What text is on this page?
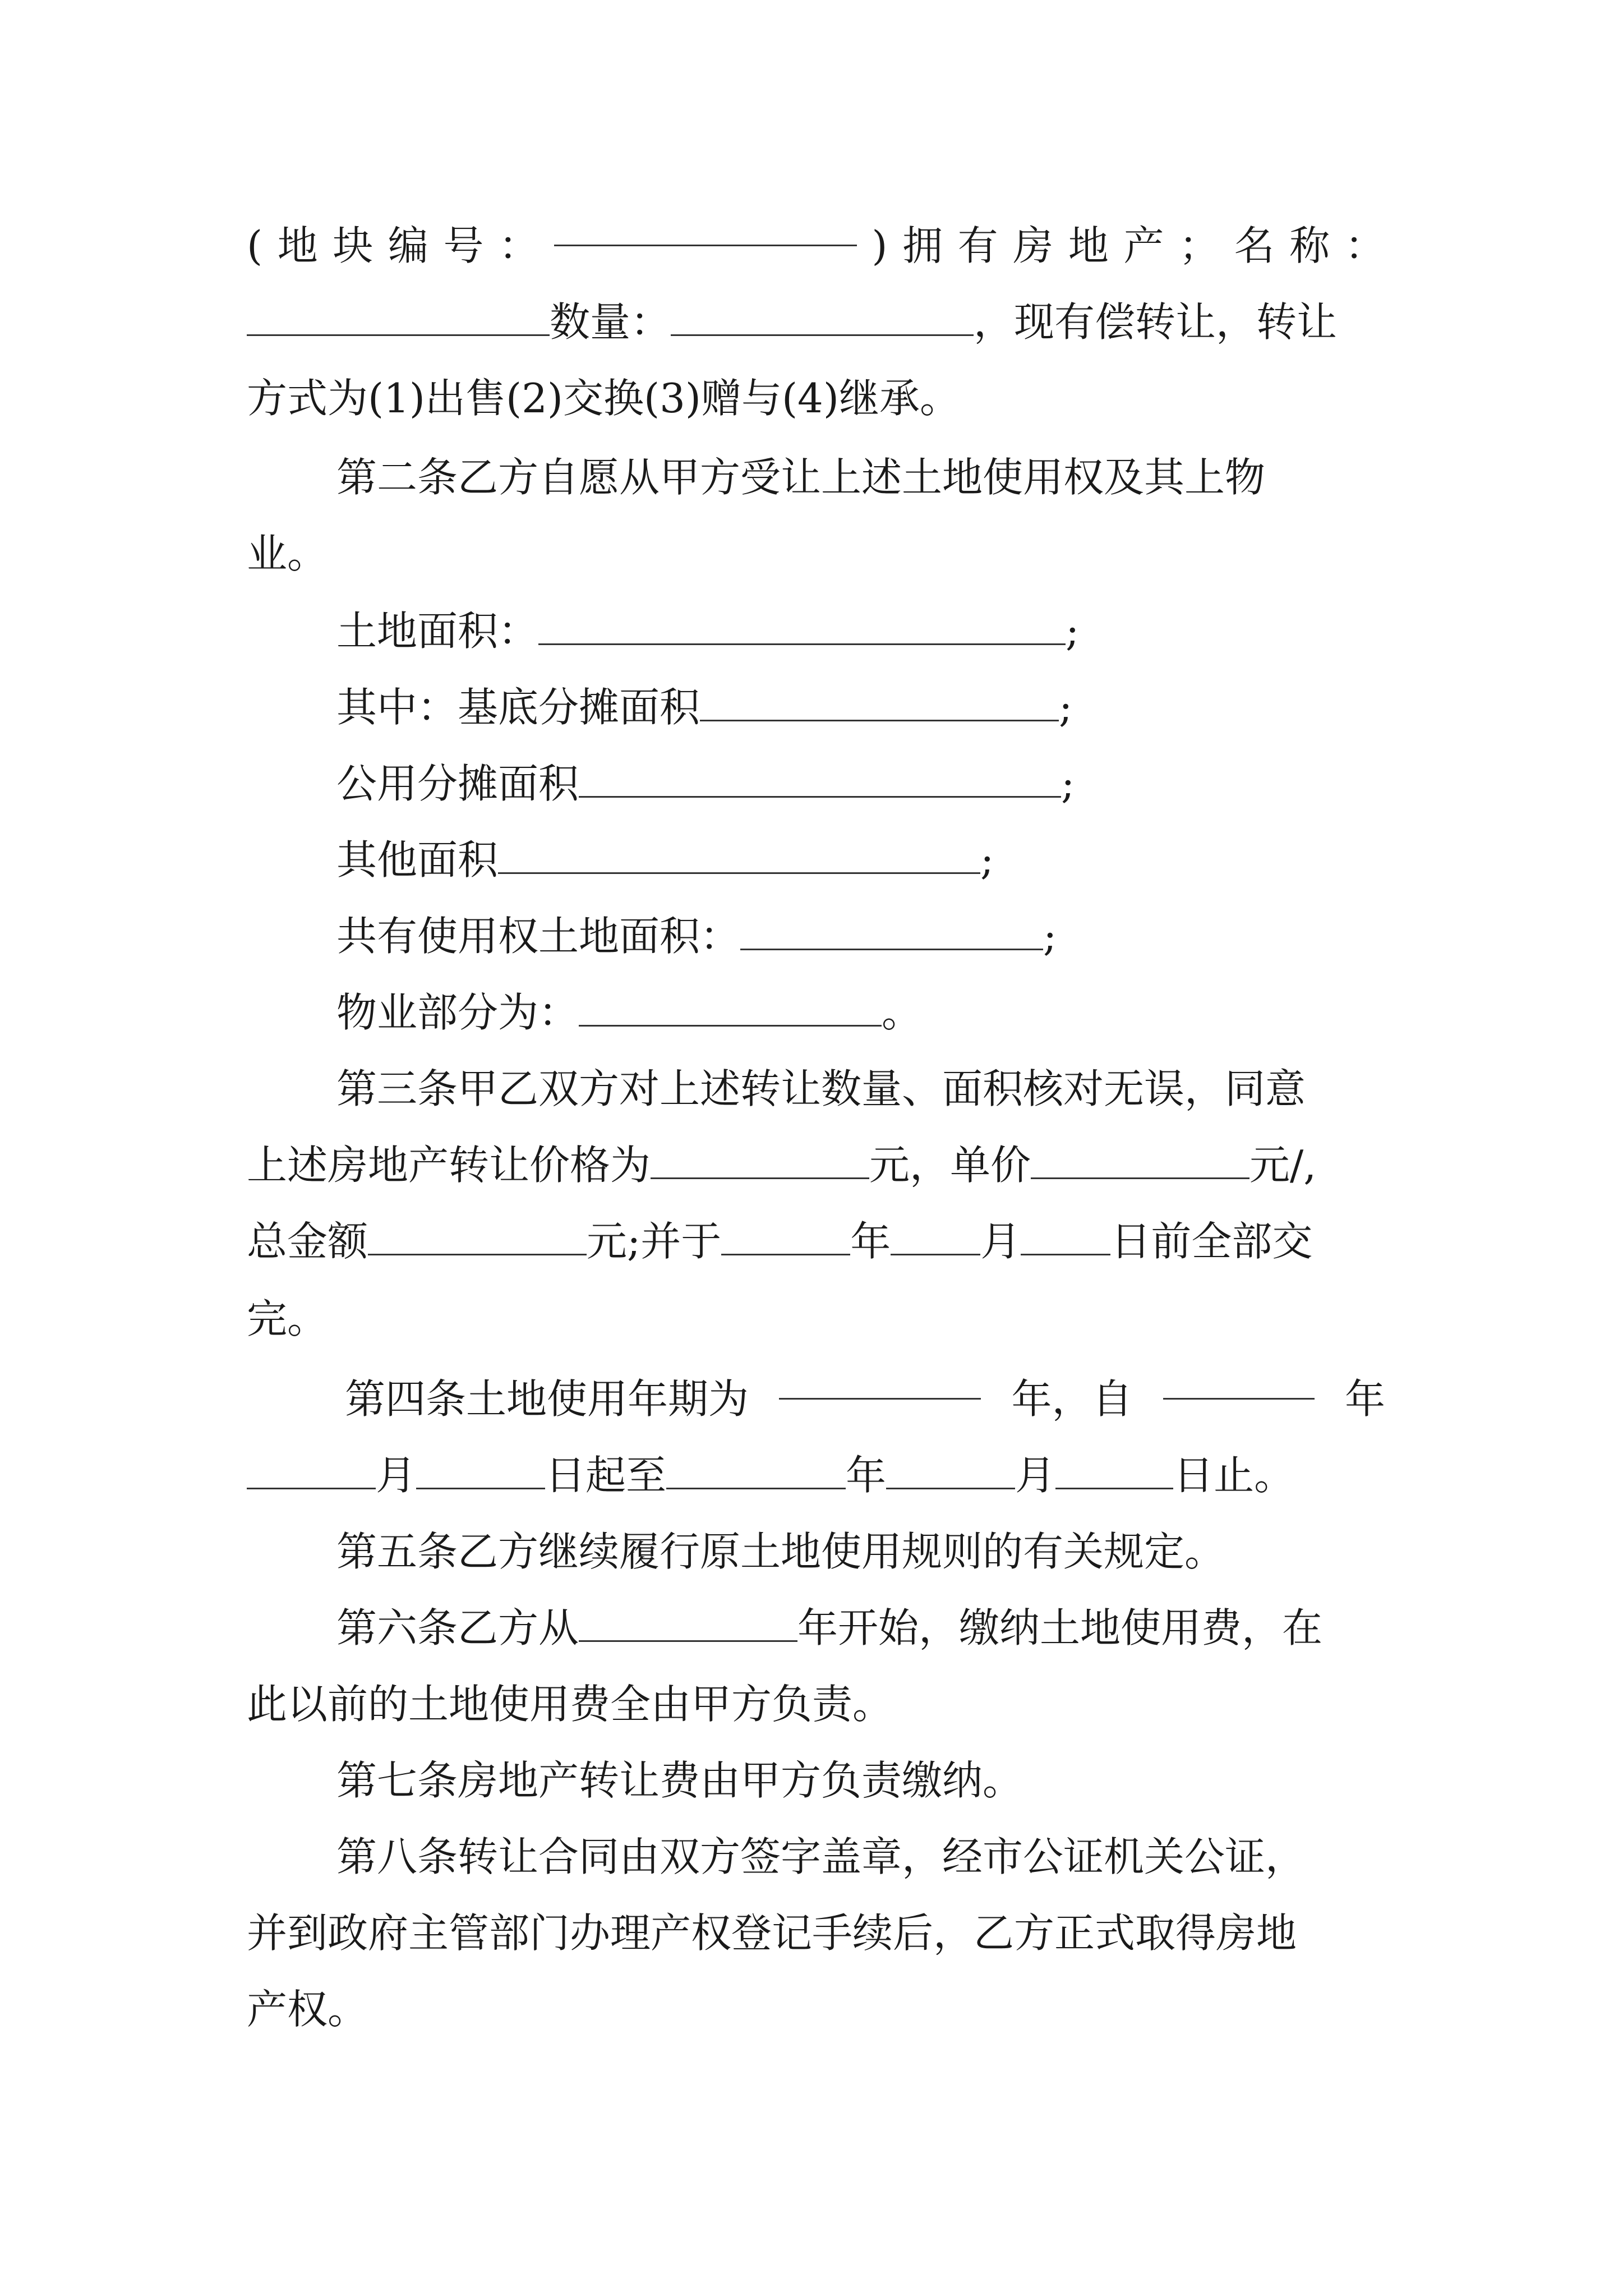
( 地 块 编 号 ：	) 拥 有 房 地 产 ； 名 称 ：
数量：	，现有偿转让，转让
方式为(1)出售(2)交换(3)赠与(4)继承。
第二条乙方自愿从甲方受让上述土地使用权及其上物
业。
土地面积：	;
其中：基底分摊面积	;
公用分摊面积	;
其他面积	;
共有使用权土地面积：	;
物业部分为：	。
第三条甲乙双方对上述转让数量、面积核对无误，同意
上述房地产转让价格为	元，单价	元/,
总金额	元;并于	年 月 日前全部交
完。
第四条土地使用年期为	年，自	年
月	日起至	年	月	日止。
第五条乙方继续履行原土地使用规则的有关规定。
第六条乙方从	年开始，缴纳土地使用费，在
此以前的土地使用费全由甲方负责。
第七条房地产转让费由甲方负责缴纳。
第八条转让合同由双方签字盖章，经市公证机关公证，
并到政府主管部门办理产权登记手续后，乙方正式取得房地
产权。
